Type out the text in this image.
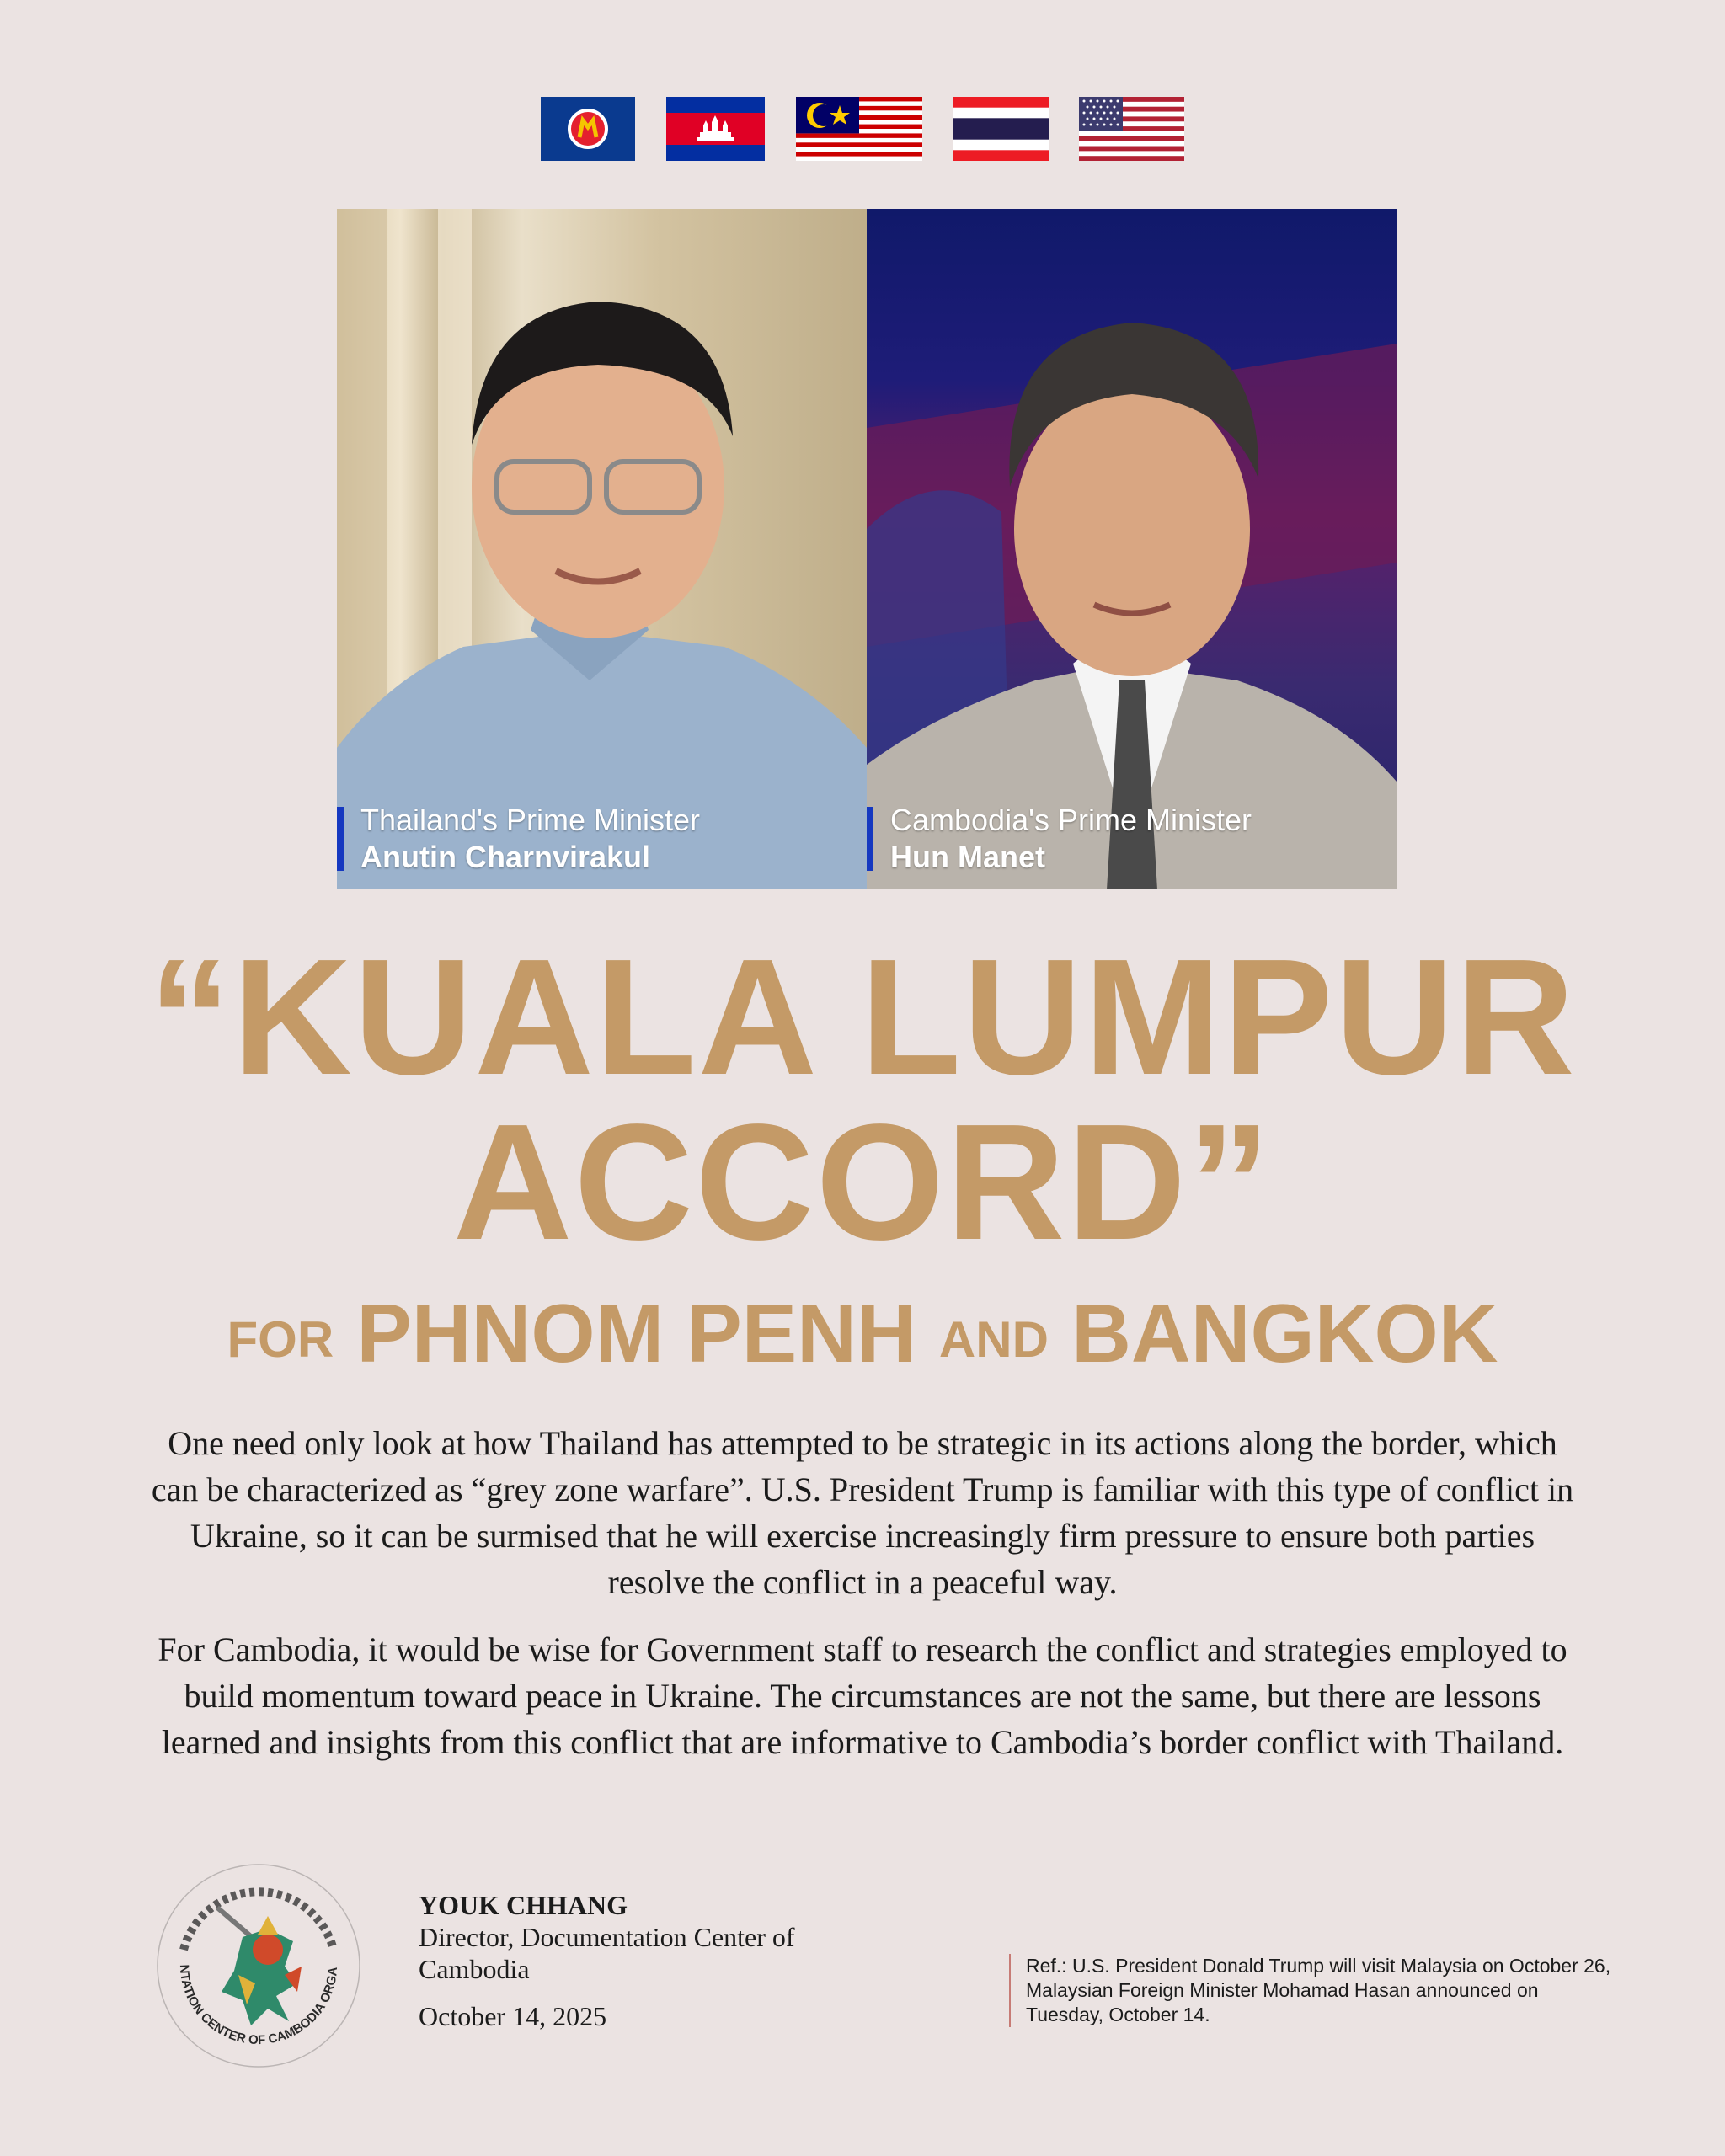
Thailand's Prime Minister
Anutin Charnvirakul
Cambodia's Prime Minister
Hun Manet
“KUALA LUMPUR
ACCORD”
FOR PHNOM PENH AND BANGKOK

One need only look at how Thailand has attempted to be strategic in its actions along the border, which can be characterized as “grey zone warfare”. U.S. President Trump is familiar with this type of conflict in Ukraine, so it can be surmised that he will exercise increasingly firm pressure to ensure both parties resolve the conflict in a peaceful way.

For Cambodia, it would be wise for Government staff to research the conflict and strategies employed to build momentum toward peace in Ukraine. The circumstances are not the same, but there are lessons learned and insights from this conflict that are informative to Cambodia’s border conflict with Thailand.

NTATION CENTER OF CAMBODIA ORGA
YOUK CHHANG
Director, Documentation Center of Cambodia
October 14, 2025
Ref.: U.S. President Donald Trump will visit Malaysia on October 26, Malaysian Foreign Minister Mohamad Hasan announced on Tuesday, October 14.
